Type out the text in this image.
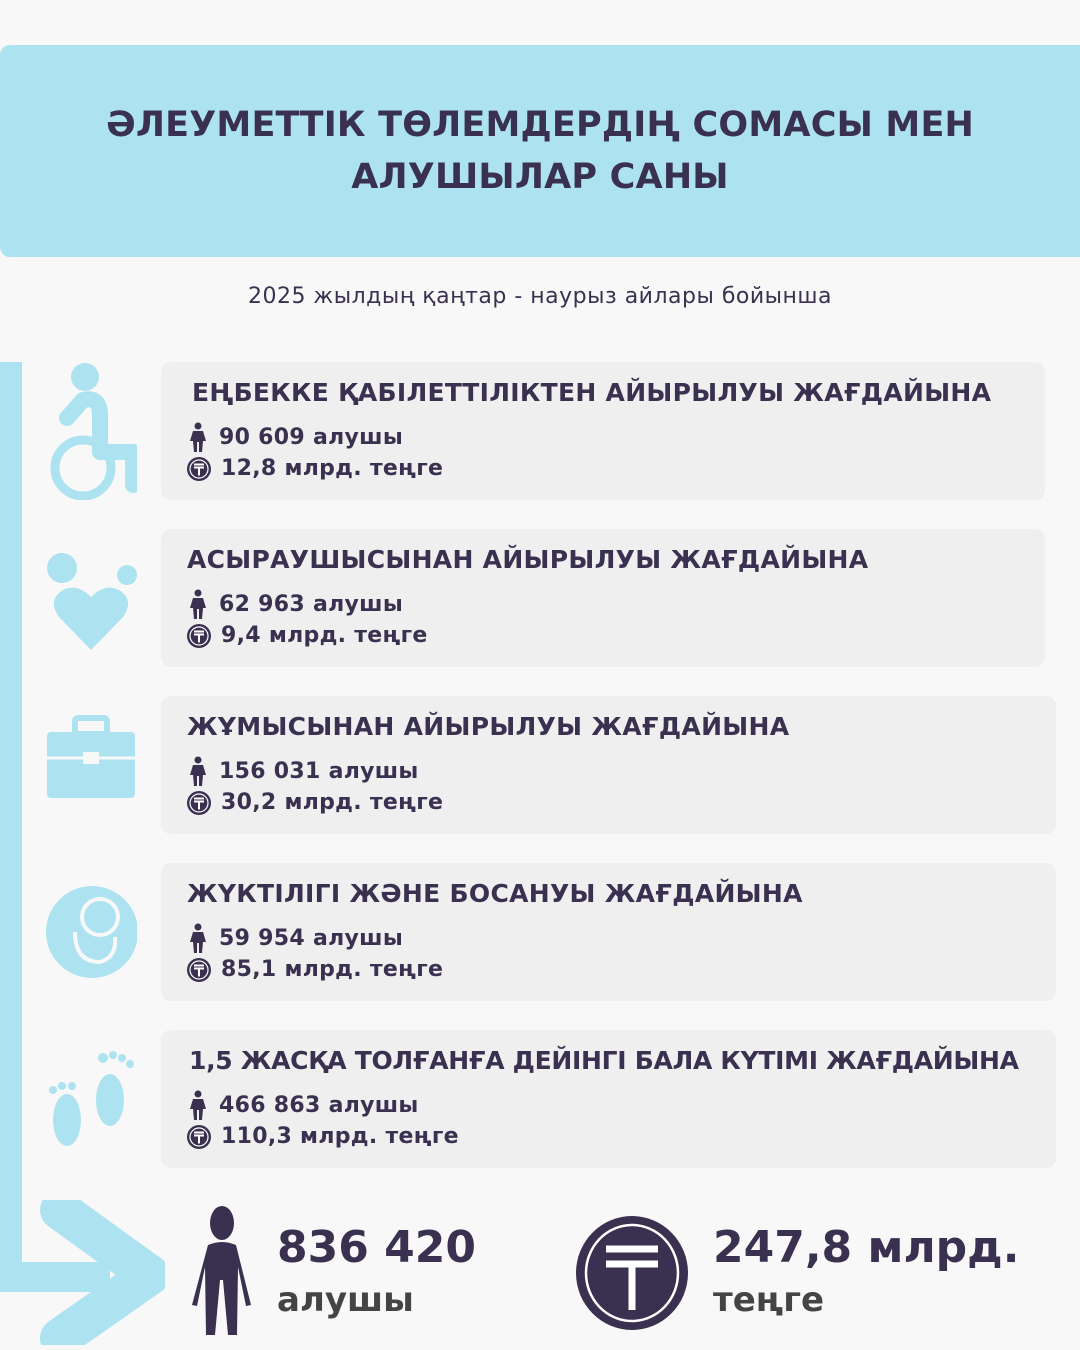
ӘЛЕУМЕТТІК ТӨЛЕМДЕРДІҢ СОМАСЫ МЕН АЛУШЫЛАР САНЫ
2025 жылдың қаңтар - наурыз айлары бойынша
ЕҢБЕККЕ ҚАБІЛЕТТІЛІКТЕН АЙЫРЫЛУЫ ЖАҒДАЙЫНА
90 609 алушы
12,8 млрд. теңге
АСЫРАУШЫСЫНАН АЙЫРЫЛУЫ ЖАҒДАЙЫНА
62 963 алушы
9,4 млрд. теңге
ЖҰМЫСЫНАН АЙЫРЫЛУЫ ЖАҒДАЙЫНА
156 031 алушы
30,2 млрд. теңге
ЖҮКТІЛІГІ ЖӘНЕ БОСАНУЫ ЖАҒДАЙЫНА
59 954 алушы
85,1 млрд. теңге
1,5 ЖАСҚА ТОЛҒАНҒА ДЕЙІНГІ БАЛА КҮТІМІ ЖАҒДАЙЫНА
466 863 алушы
110,3 млрд. теңге
836 420
алушы
247,8 млрд.
теңге
